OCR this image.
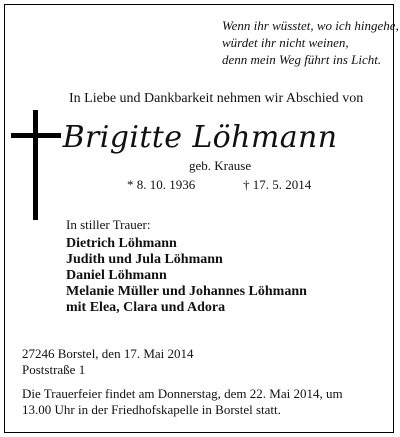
Wenn ihr wüsstet, wo ich hingehe,
würdet ihr nicht weinen,
denn mein Weg führt ins Licht.
In Liebe und Dankbarkeit nehmen wir Abschied von
Brigitte Löhmann
geb. Krause
* 8. 10. 1936	† 17. 5. 2014
In stiller Trauer:
Dietrich Löhmann
Judith und Jula Löhmann
Daniel Löhmann
Melanie Müller und Johannes Löhmann
mit Elea, Clara und Adora
27246 Borstel, den 17. Mai 2014
Poststraße 1
Die Trauerfeier findet am Donnerstag, dem 22. Mai 2014, um
13.00 Uhr in der Friedhofskapelle in Borstel statt.
